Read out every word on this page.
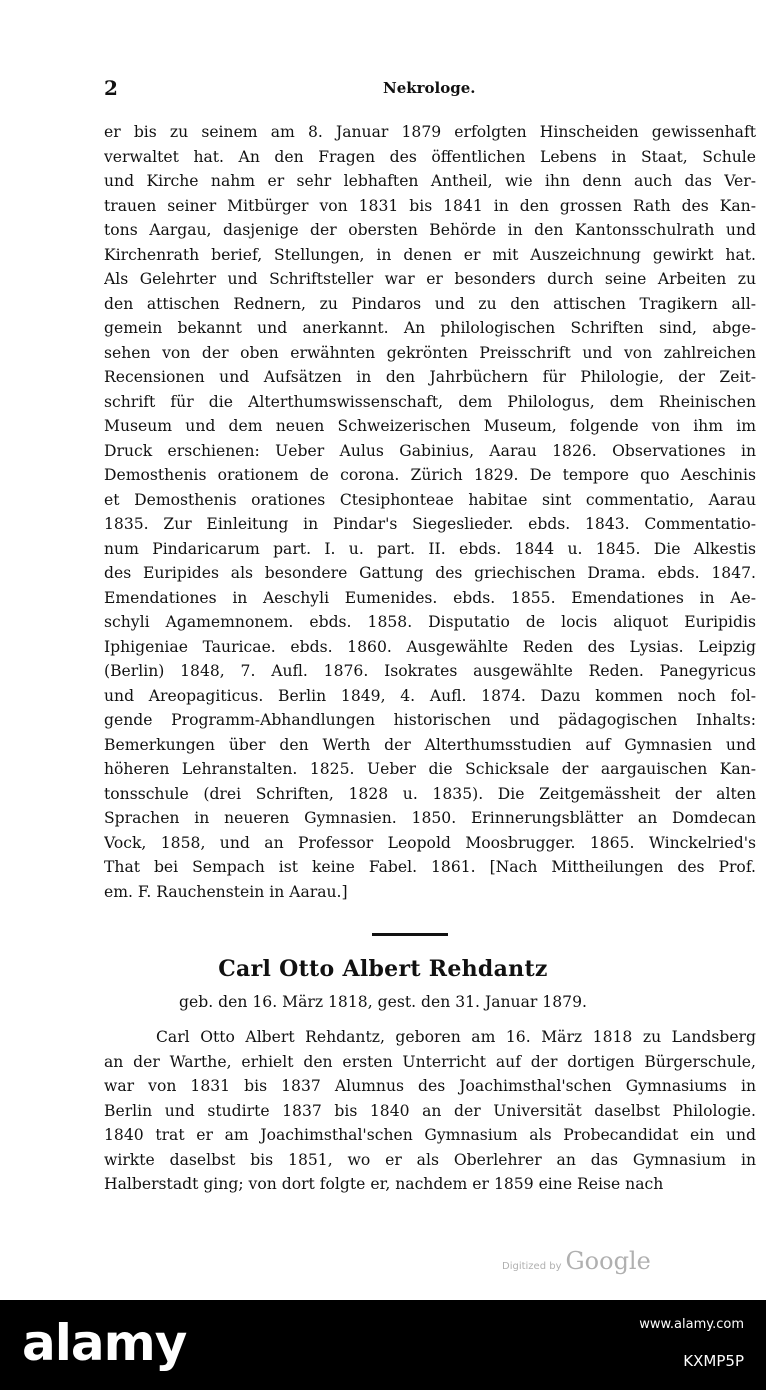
2	Nekrologe.
er bis zu seinem am 8. Januar 1879 erfolgten Hinscheiden gewissenhaft
verwaltet hat. An den Fragen des öffentlichen Lebens in Staat, Schule
und Kirche nahm er sehr lebhaften Antheil, wie ihn denn auch das Ver-
trauen seiner Mitbürger von 1831 bis 1841 in den grossen Rath des Kan-
tons Aargau, dasjenige der obersten Behörde in den Kantonsschulrath und
Kirchenrath berief, Stellungen, in denen er mit Auszeichnung gewirkt hat.
Als Gelehrter und Schriftsteller war er besonders durch seine Arbeiten zu
den attischen Rednern, zu Pindaros und zu den attischen Tragikern all-
gemein bekannt und anerkannt. An philologischen Schriften sind, abge-
sehen von der oben erwähnten gekrönten Preisschrift und von zahlreichen
Recensionen und Aufsätzen in den Jahrbüchern für Philologie, der Zeit-
schrift für die Alterthumswissenschaft, dem Philologus, dem Rheinischen
Museum und dem neuen Schweizerischen Museum, folgende von ihm im
Druck erschienen: Ueber Aulus Gabinius, Aarau 1826. Observationes in
Demosthenis orationem de corona. Zürich 1829. De tempore quo Aeschinis
et Demosthenis orationes Ctesiphonteae habitae sint commentatio, Aarau
1835. Zur Einleitung in Pindar's Siegeslieder. ebds. 1843. Commentatio-
num Pindaricarum part. I. u. part. II. ebds. 1844 u. 1845. Die Alkestis
des Euripides als besondere Gattung des griechischen Drama. ebds. 1847.
Emendationes in Aeschyli Eumenides. ebds. 1855. Emendationes in Ae-
schyli Agamemnonem. ebds. 1858. Disputatio de locis aliquot Euripidis
Iphigeniae Tauricae. ebds. 1860. Ausgewählte Reden des Lysias. Leipzig
(Berlin) 1848, 7. Aufl. 1876. Isokrates ausgewählte Reden. Panegyricus
und Areopagiticus. Berlin 1849, 4. Aufl. 1874. Dazu kommen noch fol-
gende Programm-Abhandlungen historischen und pädagogischen Inhalts:
Bemerkungen über den Werth der Alterthumsstudien auf Gymnasien und
höheren Lehranstalten. 1825. Ueber die Schicksale der aargauischen Kan-
tonsschule (drei Schriften, 1828 u. 1835). Die Zeitgemässheit der alten
Sprachen in neueren Gymnasien. 1850. Erinnerungsblätter an Domdecan
Vock, 1858, und an Professor Leopold Moosbrugger. 1865. Winckelried's
That bei Sempach ist keine Fabel. 1861. [Nach Mittheilungen des Prof.
em. F. Rauchenstein in Aarau.]
Carl Otto Albert Rehdantz
geb. den 16. März 1818, gest. den 31. Januar 1879.
Carl Otto Albert Rehdantz, geboren am 16. März 1818 zu Landsberg
an der Warthe, erhielt den ersten Unterricht auf der dortigen Bürgerschule,
war von 1831 bis 1837 Alumnus des Joachimsthal'schen Gymnasiums in
Berlin und studirte 1837 bis 1840 an der Universität daselbst Philologie.
1840 trat er am Joachimsthal'schen Gymnasium als Probecandidat ein und
wirkte daselbst bis 1851, wo er als Oberlehrer an das Gymnasium in
Halberstadt ging; von dort folgte er, nachdem er 1859 eine Reise nach
Digitized by Google
alamy	www.alamy.com
KXMP5P
